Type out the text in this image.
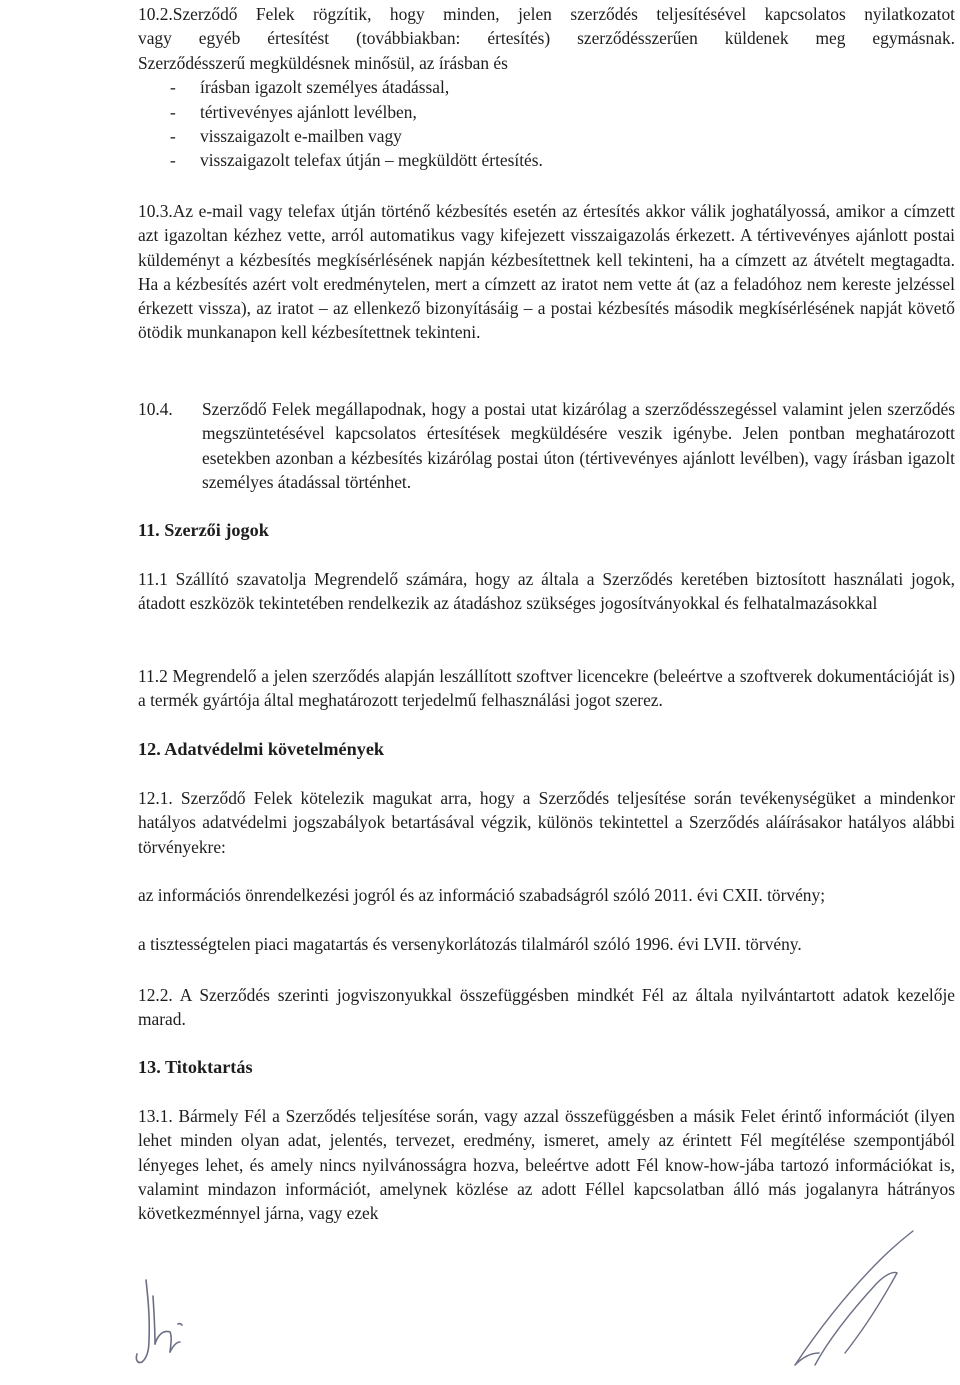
10.2.Szerződő Felek rögzítik, hogy minden, jelen szerződés teljesítésével kapcsolatos nyilatkozatot
vagy egyéb értesítést (továbbiakban: értesítés) szerződésszerűen küldenek meg egymásnak.
Szerződésszerű megküldésnek minősül, az írásban és
- írásban igazolt személyes átadással,
- tértivevényes ajánlott levélben,
- visszaigazolt e-mailben vagy
- visszaigazolt telefax útján – megküldött értesítés.
10.3.Az e-mail vagy telefax útján történő kézbesítés esetén az értesítés akkor válik joghatályossá, amikor a címzett azt igazoltan kézhez vette, arról automatikus vagy kifejezett visszaigazolás érkezett. A tértivevényes ajánlott postai küldeményt a kézbesítés megkísérlésének napján kézbesítettnek kell tekinteni, ha a címzett az átvételt megtagadta. Ha a kézbesítés azért volt eredménytelen, mert a címzett az iratot nem vette át (az a feladóhoz nem kereste jelzéssel érkezett vissza), az iratot – az ellenkező bizonyításáig – a postai kézbesítés második megkísérlésének napját követő ötödik munkanapon kell kézbesítettnek tekinteni.
10.4. Szerződő Felek megállapodnak, hogy a postai utat kizárólag a szerződésszegéssel valamint jelen szerződés megszüntetésével kapcsolatos értesítések megküldésére veszik igénybe. Jelen pontban meghatározott esetekben azonban a kézbesítés kizárólag postai úton (tértivevényes ajánlott levélben), vagy írásban igazolt személyes átadással történhet.
11. Szerzői jogok
11.1 Szállító szavatolja Megrendelő számára, hogy az általa a Szerződés keretében biztosított használati jogok, átadott eszközök tekintetében rendelkezik az átadáshoz szükséges jogosítványokkal és felhatalmazásokkal
11.2 Megrendelő a jelen szerződés alapján leszállított szoftver licencekre (beleértve a szoftverek dokumentációját is) a termék gyártója által meghatározott terjedelmű felhasználási jogot szerez.
12. Adatvédelmi követelmények
12.1. Szerződő Felek kötelezik magukat arra, hogy a Szerződés teljesítése során tevékenységüket a mindenkor hatályos adatvédelmi jogszabályok betartásával végzik, különös tekintettel a Szerződés aláírásakor hatályos alábbi törvényekre:
az információs önrendelkezési jogról és az információ szabadságról szóló 2011. évi CXII. törvény;
a tisztességtelen piaci magatartás és versenykorlátozás tilalmáról szóló 1996. évi LVII. törvény.
12.2. A Szerződés szerinti jogviszonyukkal összefüggésben mindkét Fél az általa nyilvántartott adatok kezelője marad.
13. Titoktartás
13.1. Bármely Fél a Szerződés teljesítése során, vagy azzal összefüggésben a másik Felet érintő információt (ilyen lehet minden olyan adat, jelentés, tervezet, eredmény, ismeret, amely az érintett Fél megítélése szempontjából lényeges lehet, és amely nincs nyilvánosságra hozva, beleértve adott Fél know-how-jába tartozó információkat is, valamint mindazon információt, amelynek közlése az adott Féllel kapcsolatban álló más jogalanyra hátrányos következménnyel járna, vagy ezek
